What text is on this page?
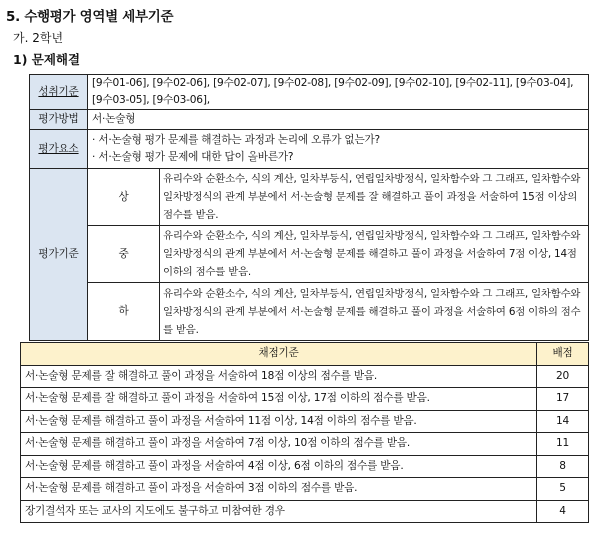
5. 수행평가 영역별 세부기준
가. 2학년
1) 문제해결
성취기준	[9수01-06], [9수02-06], [9수02-07], [9수02-08], [9수02-09], [9수02-10], [9수02-11], [9수03-04], [9수03-05], [9수03-06],	
평가방법	서·논술형	
평가요소	· 서·논술형 평가 문제를 해결하는 과정과 논리에 오류가 없는가?
· 서·논술형 평가 문제에 대한 답이 올바른가?	

평가기준	상	유리수와 순환소수, 식의 계산, 일차부등식, 연립일차방정식, 일차함수와 그 그래프, 일차함수와 일차방정식의 관계 부분에서 서·논술형 문제를 잘 해결하고 풀이 과정을 서술하여 15점 이상의 점수를 받음.
	중	유리수와 순환소수, 식의 계산, 일차부등식, 연립일차방정식, 일차함수와 그 그래프, 일차함수와 일차방정식의 관계 부분에서 서·논술형 문제를 해결하고 풀이 과정을 서술하여 7점 이상, 14점 이하의 점수를 받음.
	하	유리수와 순환소수, 식의 계산, 일차부등식, 연립일차방정식, 일차함수와 그 그래프, 일차함수와 일차방정식의 관계 부분에서 서·논술형 문제를 해결하고 풀이 과정을 서술하여 6점 이하의 점수를 받음.
채점기준	배점
서·논술형 문제를 잘 해결하고 풀이 과정을 서술하여 18점 이상의 점수를 받음.	20
서·논술형 문제를 잘 해결하고 풀이 과정을 서술하여 15점 이상, 17점 이하의 점수를 받음.	17
서·논술형 문제를 해결하고 풀이 과정을 서술하여 11점 이상, 14점 이하의 점수를 받음.	14
서·논술형 문제를 해결하고 풀이 과정을 서술하여 7점 이상, 10점 이하의 점수를 받음.	11
서·논술형 문제를 해결하고 풀이 과정을 서술하여 4점 이상, 6점 이하의 점수를 받음.	8
서·논술형 문제를 해결하고 풀이 과정을 서술하여 3점 이하의 점수를 받음.	5
장기결석자 또는 교사의 지도에도 불구하고 미참여한 경우	4
